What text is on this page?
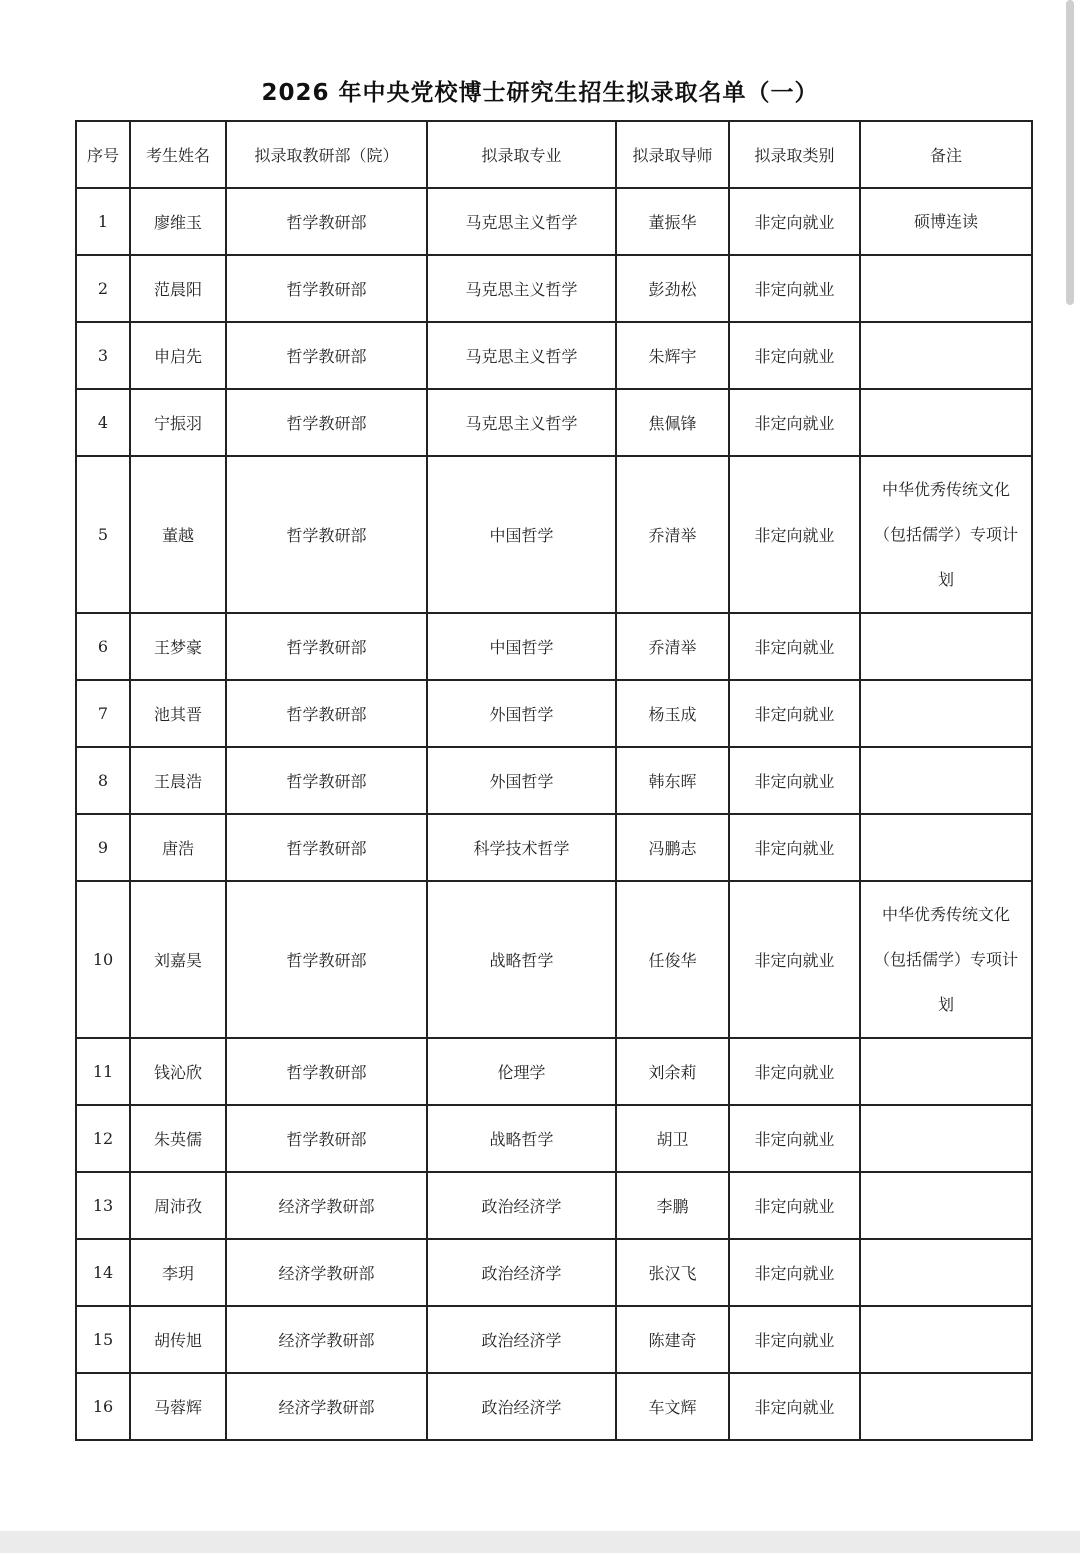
2026 年中央党校博士研究生招生拟录取名单（一）
序号	考生姓名	拟录取教研部（院）	拟录取专业	拟录取导师	拟录取类别	备注
1	廖维玉	哲学教研部	马克思主义哲学	董振华	非定向就业	硕博连读
2	范晨阳	哲学教研部	马克思主义哲学	彭劲松	非定向就业	
3	申启先	哲学教研部	马克思主义哲学	朱辉宇	非定向就业	
4	宁振羽	哲学教研部	马克思主义哲学	焦佩锋	非定向就业	
5	董越	哲学教研部	中国哲学	乔清举	非定向就业	中华优秀传统文化（包括儒学）专项计划
6	王梦豪	哲学教研部	中国哲学	乔清举	非定向就业	
7	池其晋	哲学教研部	外国哲学	杨玉成	非定向就业	
8	王晨浩	哲学教研部	外国哲学	韩东晖	非定向就业	
9	唐浩	哲学教研部	科学技术哲学	冯鹏志	非定向就业	
10	刘嘉昊	哲学教研部	战略哲学	任俊华	非定向就业	中华优秀传统文化（包括儒学）专项计划
11	钱沁欣	哲学教研部	伦理学	刘余莉	非定向就业	
12	朱英儒	哲学教研部	战略哲学	胡卫	非定向就业	
13	周沛孜	经济学教研部	政治经济学	李鹏	非定向就业	
14	李玥	经济学教研部	政治经济学	张汉飞	非定向就业	
15	胡传旭	经济学教研部	政治经济学	陈建奇	非定向就业	
16	马蓉辉	经济学教研部	政治经济学	车文辉	非定向就业	
